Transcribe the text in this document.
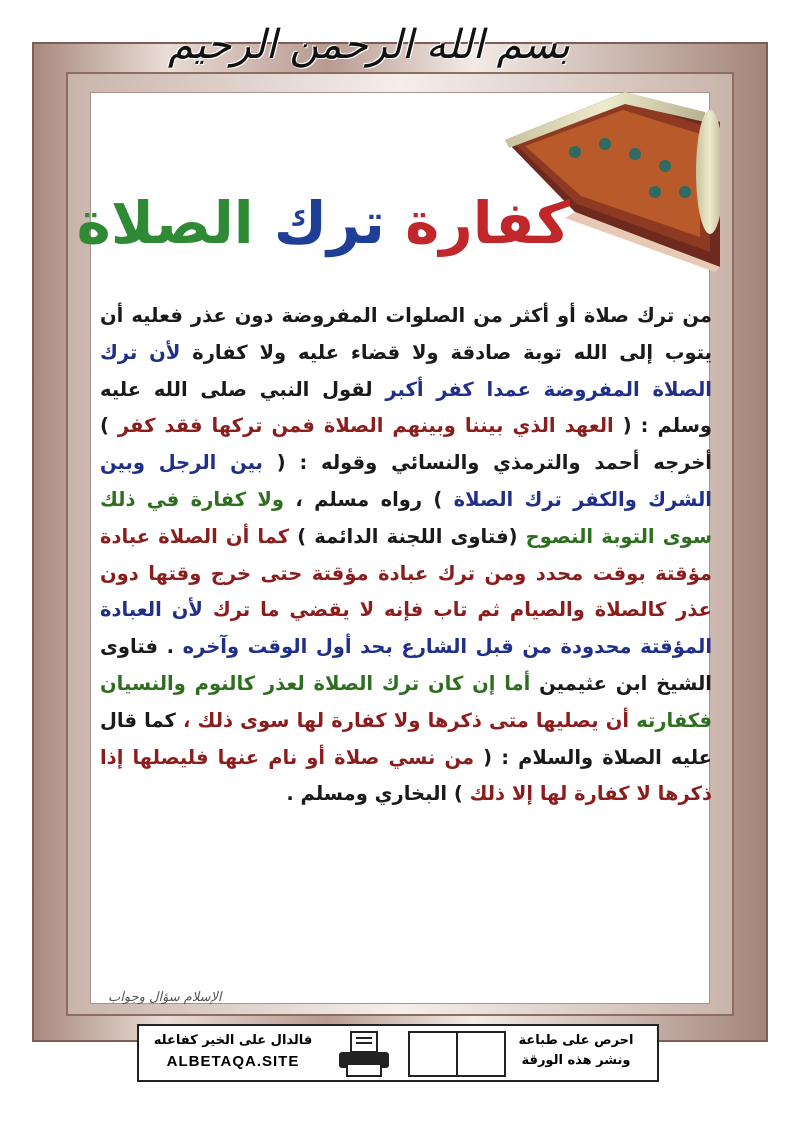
بسم الله الرحمن الرحيم
كفارة ترك الصلاة
من ترك صلاة أو أكثر من الصلوات المفروضة دون عذر فعليه أن يتوب إلى الله توبة صادقة ولا قضاء عليه ولا كفارة لأن ترك الصلاة المفروضة عمدا كفر أكبر لقول النبي صلى الله عليه وسلم : ( العهد الذي بيننا وبينهم الصلاة فمن تركها فقد كفر ) أخرجه أحمد والترمذي والنسائي وقوله : ( بين الرجل وبين الشرك والكفر ترك الصلاة ) رواه مسلم ، ولا كفارة في ذلك سوى التوبة النصوح (فتاوى اللجنة الدائمة ) كما أن الصلاة عبادة مؤقتة بوقت محدد ومن ترك عبادة مؤقتة حتى خرج وقتها دون عذر كالصلاة والصيام ثم تاب فإنه لا يقضي ما ترك لأن العبادة المؤقتة محدودة من قبل الشارع بحد أول الوقت وآخره . فتاوى الشيخ ابن عثيمين أما إن كان ترك الصلاة لعذر كالنوم والنسيان فكفارته أن يصليها متى ذكرها ولا كفارة لها سوى ذلك ، كما قال عليه الصلاة والسلام : ( من نسي صلاة أو نام عنها فليصلها إذا ذكرها لا كفارة لها إلا ذلك ) البخاري ومسلم .
الإسلام سؤال وجواب
فالدال على الخير كفاعله
ALBETAQA.SITE
احرص على طباعة
ونشر هذه الورقة
